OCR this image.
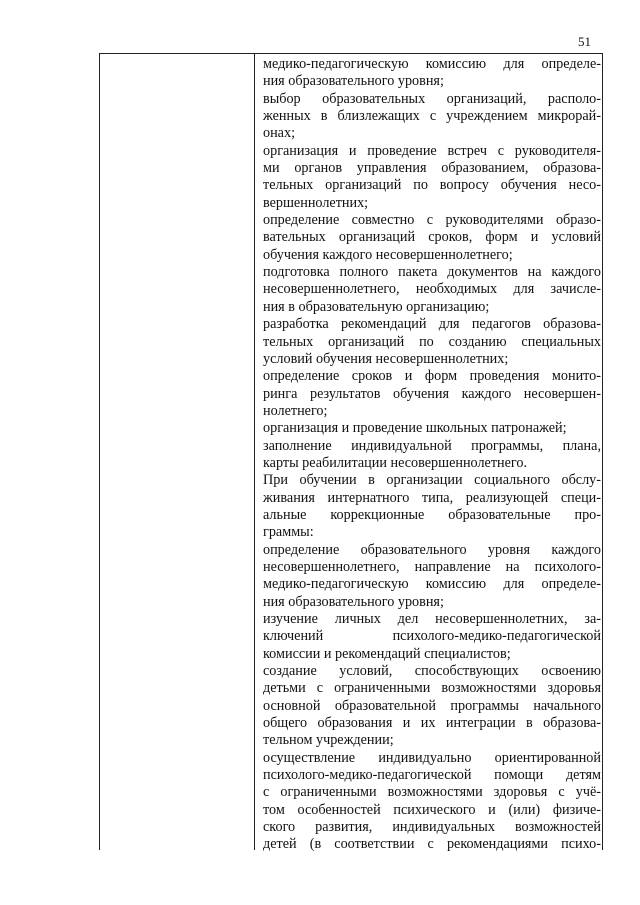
51
медико-педагогическую комиссию для определе-
ния образовательного уровня;
выбор образовательных организаций, располо-
женных в близлежащих с учреждением микрорай-
онах;
организация и проведение встреч с руководителя-
ми органов управления образованием, образова-
тельных организаций по вопросу обучения несо-
вершеннолетних;
определение совместно с руководителями образо-
вательных организаций сроков, форм и условий
обучения каждого несовершеннолетнего;
подготовка полного пакета документов на каждого
несовершеннолетнего, необходимых для зачисле-
ния в образовательную организацию;
разработка рекомендаций для педагогов образова-
тельных организаций по созданию специальных
условий обучения несовершеннолетних;
определение сроков и форм проведения монито-
ринга результатов обучения каждого несовершен-
нолетнего;
организация и проведение школьных патронажей;
заполнение индивидуальной программы, плана,
карты реабилитации несовершеннолетнего.
При обучении в организации социального обслу-
живания интернатного типа, реализующей специ-
альные коррекционные образовательные про-
граммы:
определение образовательного уровня каждого
несовершеннолетнего, направление на психолого-
медико-педагогическую комиссию для определе-
ния образовательного уровня;
изучение личных дел несовершеннолетних, за-
ключений психолого-медико-педагогической
комиссии и рекомендаций специалистов;
создание условий, способствующих освоению
детьми с ограниченными возможностями здоровья
основной образовательной программы начального
общего образования и их интеграции в образова-
тельном учреждении;
осуществление индивидуально ориентированной
психолого-медико-педагогической помощи детям
с ограниченными возможностями здоровья с учё-
том особенностей психического и (или) физиче-
ского развития, индивидуальных возможностей
детей (в соответствии с рекомендациями психо-
